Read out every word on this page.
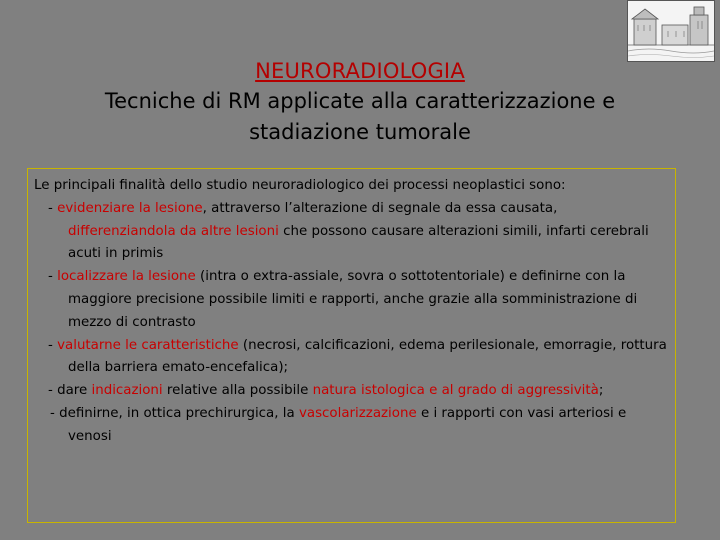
NEURORADIOLOGIA
Tecniche di RM applicate alla caratterizzazione e stadiazione tumorale

Le principali finalità dello studio neuroradiologico dei processi neoplastici sono:

- evidenziare la lesione, attraverso l’alterazione di segnale da essa causata, differenziandola da altre lesioni che possono causare alterazioni simili, infarti cerebrali acuti in primis

- localizzare la lesione (intra o extra-assiale, sovra o sottotentoriale) e definirne con la maggiore precisione possibile limiti e rapporti, anche grazie alla somministrazione di mezzo di contrasto

- valutarne le caratteristiche (necrosi, calcificazioni, edema perilesionale, emorragie, rottura della barriera emato-encefalica);

- dare indicazioni relative alla possibile natura istologica e al grado di aggressività;

- definirne, in ottica prechirurgica, la vascolarizzazione e i rapporti con vasi arteriosi e venosi
